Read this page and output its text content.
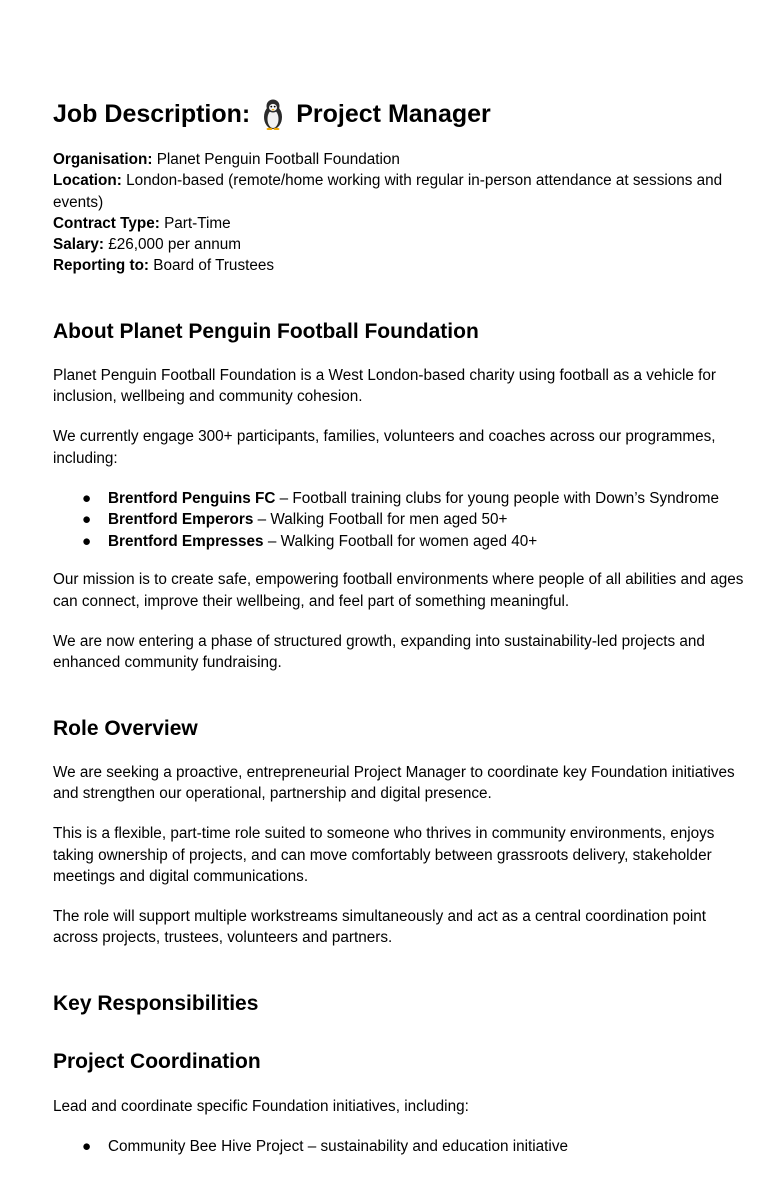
Job Description: Project Manager

Organisation: Planet Penguin Football Foundation

Location: London-based (remote/home working with regular in-person attendance at sessions and events)

Contract Type: Part-Time

Salary: £26,000 per annum

Reporting to: Board of Trustees

About Planet Penguin Football Foundation

Planet Penguin Football Foundation is a West London-based charity using football as a vehicle for inclusion, wellbeing and community cohesion.

We currently engage 300+ participants, families, volunteers and coaches across our programmes, including:

● Brentford Penguins FC – Football training clubs for young people with Down’s Syndrome
● Brentford Emperors – Walking Football for men aged 50+
● Brentford Empresses – Walking Football for women aged 40+

Our mission is to create safe, empowering football environments where people of all abilities and ages can connect, improve their wellbeing, and feel part of something meaningful.

We are now entering a phase of structured growth, expanding into sustainability-led projects and enhanced community fundraising.

Role Overview

We are seeking a proactive, entrepreneurial Project Manager to coordinate key Foundation initiatives and strengthen our operational, partnership and digital presence.

This is a flexible, part-time role suited to someone who thrives in community environments, enjoys taking ownership of projects, and can move comfortably between grassroots delivery, stakeholder meetings and digital communications.

The role will support multiple workstreams simultaneously and act as a central coordination point across projects, trustees, volunteers and partners.

Key Responsibilities
Project Coordination

Lead and coordinate specific Foundation initiatives, including:

● Community Bee Hive Project – sustainability and education initiative
